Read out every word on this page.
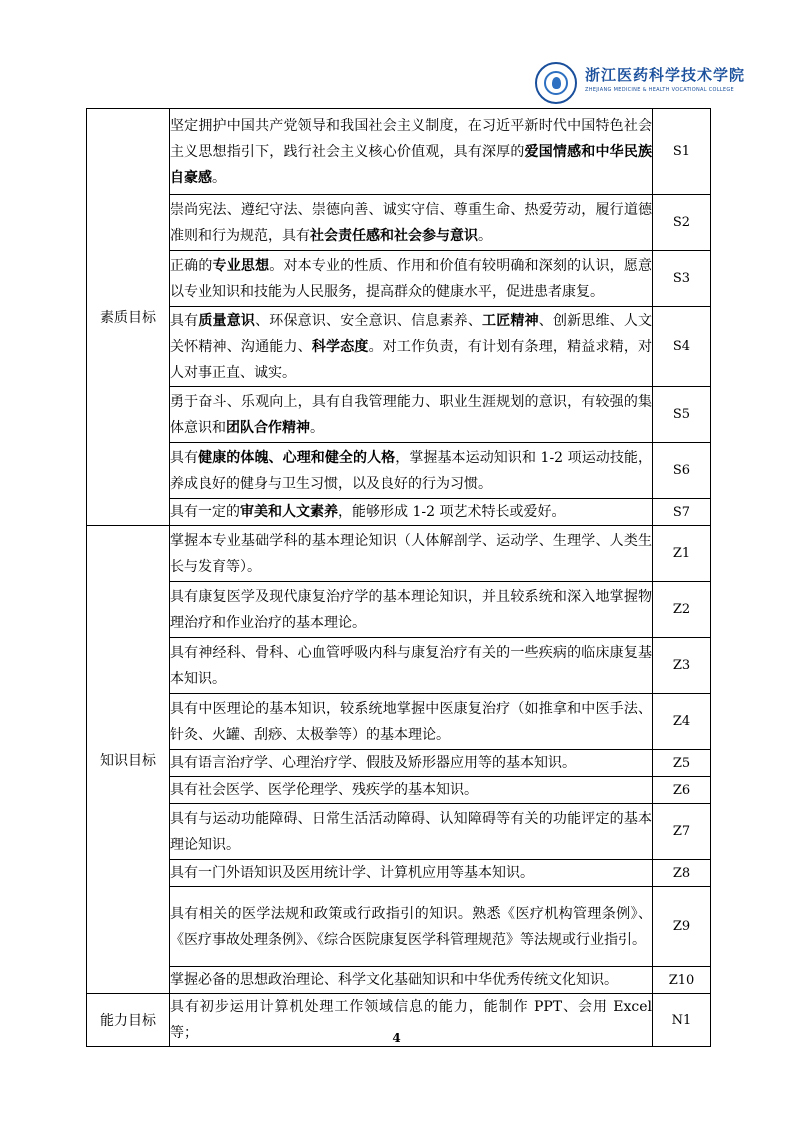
浙江医药科学技术学院
ZHEJIANG MEDICINE & HEALTH VOCATIONAL COLLEGE
素质目标	坚定拥护中国共产党领导和我国社会主义制度，在习近平新时代中国特色社会主义思想指引下，践行社会主义核心价值观，具有深厚的爱国情感和中华民族自豪感。	S1
	崇尚宪法、遵纪守法、崇德向善、诚实守信、尊重生命、热爱劳动，履行道德准则和行为规范，具有社会责任感和社会参与意识。	S2
	正确的专业思想。对本专业的性质、作用和价值有较明确和深刻的认识，愿意以专业知识和技能为人民服务，提高群众的健康水平，促进患者康复。	S3
	具有质量意识、环保意识、安全意识、信息素养、工匠精神、创新思维、人文关怀精神、沟通能力、科学态度。对工作负责，有计划有条理，精益求精，对人对事正直、诚实。	S4
	勇于奋斗、乐观向上，具有自我管理能力、职业生涯规划的意识，有较强的集体意识和团队合作精神。	S5
	具有健康的体魄、心理和健全的人格，掌握基本运动知识和 1-2 项运动技能，养成良好的健身与卫生习惯，以及良好的行为习惯。	S6
	具有一定的审美和人文素养，能够形成 1-2 项艺术特长或爱好。	S7
知识目标	掌握本专业基础学科的基本理论知识（人体解剖学、运动学、生理学、人类生长与发育等）。	Z1
	具有康复医学及现代康复治疗学的基本理论知识，并且较系统和深入地掌握物理治疗和作业治疗的基本理论。	Z2
	具有神经科、骨科、心血管呼吸内科与康复治疗有关的一些疾病的临床康复基本知识。	Z3
	具有中医理论的基本知识，较系统地掌握中医康复治疗（如推拿和中医手法、针灸、火罐、刮痧、太极拳等）的基本理论。	Z4
	具有语言治疗学、心理治疗学、假肢及矫形器应用等的基本知识。	Z5
	具有社会医学、医学伦理学、残疾学的基本知识。	Z6
	具有与运动功能障碍、日常生活活动障碍、认知障碍等有关的功能评定的基本理论知识。	Z7
	具有一门外语知识及医用统计学、计算机应用等基本知识。	Z8
	具有相关的医学法规和政策或行政指引的知识。熟悉《医疗机构管理条例》、《医疗事故处理条例》、《综合医院康复医学科管理规范》等法规或行业指引。	Z9
	掌握必备的思想政治理论、科学文化基础知识和中华优秀传统文化知识。	Z10
能力目标	具有初步运用计算机处理工作领域信息的能力，能制作 PPT、会用 Excel 等；	N1
4
